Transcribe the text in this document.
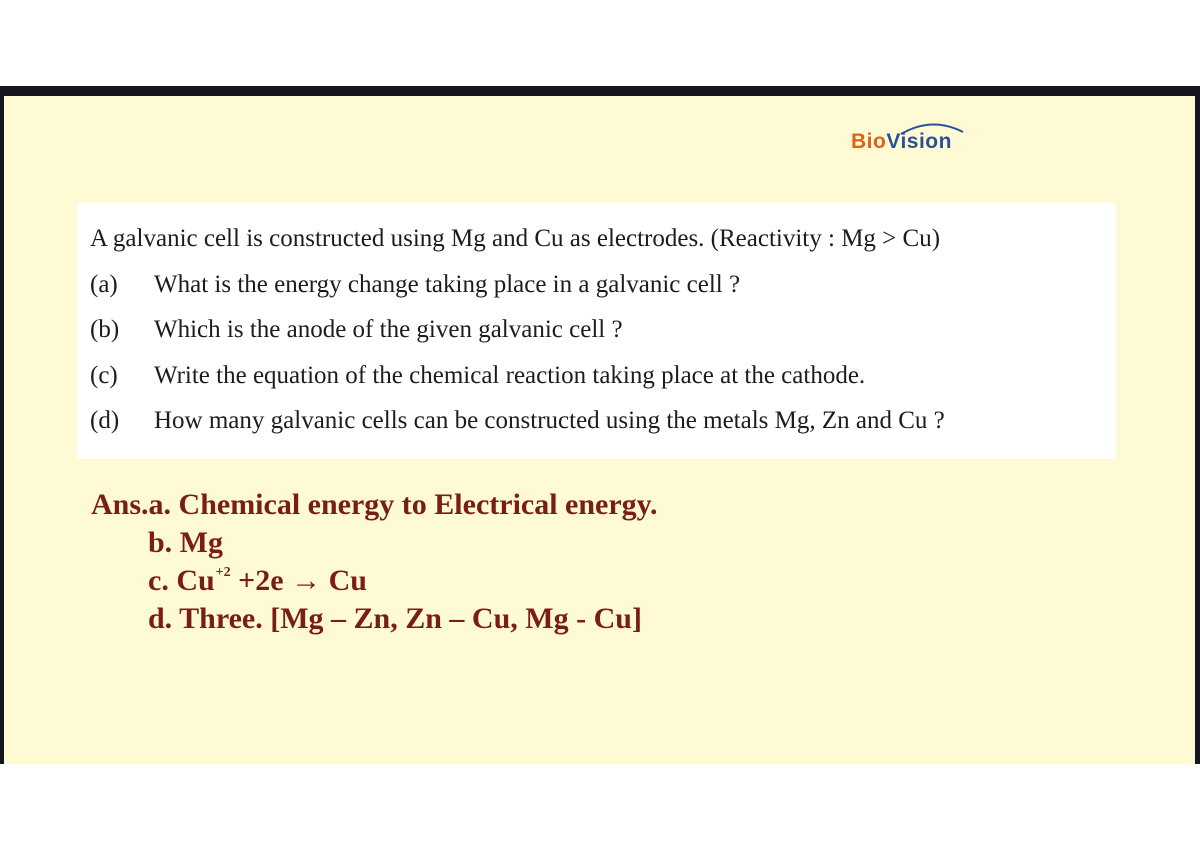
BioVision
A galvanic cell is constructed using Mg and Cu as electrodes. (Reactivity : Mg > Cu)
(a) What is the energy change taking place in a galvanic cell ?
(b) Which is the anode of the given galvanic cell ?
(c) Write the equation of the chemical reaction taking place at the cathode.
(d) How many galvanic cells can be constructed using the metals Mg, Zn and Cu ?
Ans.a. Chemical energy to Electrical energy.
b. Mg
c. $Cu^{+2} +2e \to Cu$
d. Three. [Mg – Zn, Zn – Cu, Mg - Cu]
